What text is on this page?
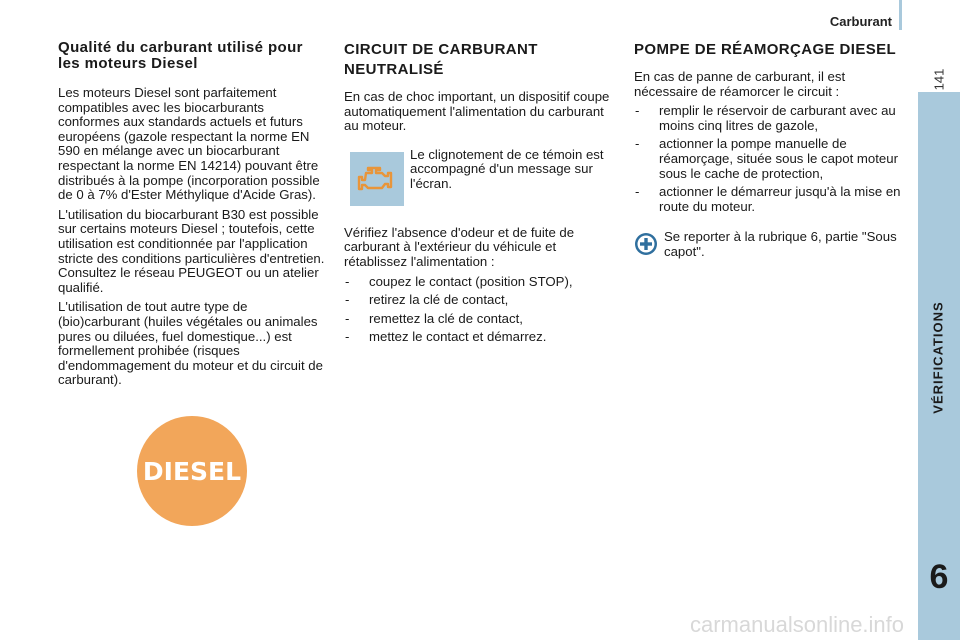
Carburant
141
VÉRIFICATIONS
6
Qualité du carburant utilisé pour les moteurs Diesel

Les moteurs Diesel sont parfaitement compatibles avec les biocarburants conformes aux standards actuels et futurs européens (gazole respectant la norme EN 590 en mélange avec un biocarburant respectant la norme EN 14214) pouvant être distribués à la pompe (incorporation possible de 0 à 7% d'Ester Méthylique d'Acide Gras).

L'utilisation du biocarburant B30 est possible sur certains moteurs Diesel ; toutefois, cette utilisation est conditionnée par l'application stricte des conditions particulières d'entretien. Consultez le réseau PEUGEOT ou un atelier qualifié.

L'utilisation de tout autre type de (bio)carburant (huiles végétales ou animales pures ou diluées, fuel domestique...) est formellement prohibée (risques d'endommagement du moteur et du circuit de carburant).

DIESEL
CIRCUIT DE CARBURANT NEUTRALISÉ

En cas de choc important, un dispositif coupe automatiquement l'alimentation du carburant au moteur.

Le clignotement de ce témoin est accompagné d'un message sur l'écran.

Vérifiez l'absence d'odeur et de fuite de carburant à l'extérieur du véhicule et rétablissez l'alimentation :

- coupez le contact (position STOP),
- retirez la clé de contact,
- remettez la clé de contact,
- mettez le contact et démarrez.
POMPE DE RÉAMORÇAGE DIESEL

En cas de panne de carburant, il est nécessaire de réamorcer le circuit :

- remplir le réservoir de carburant avec au moins cinq litres de gazole,
- actionner la pompe manuelle de réamorçage, située sous le capot moteur sous le cache de protection,
- actionner le démarreur jusqu'à la mise en route du moteur.
Se reporter à la rubrique 6, partie "Sous capot".
carmanualsonline.info
